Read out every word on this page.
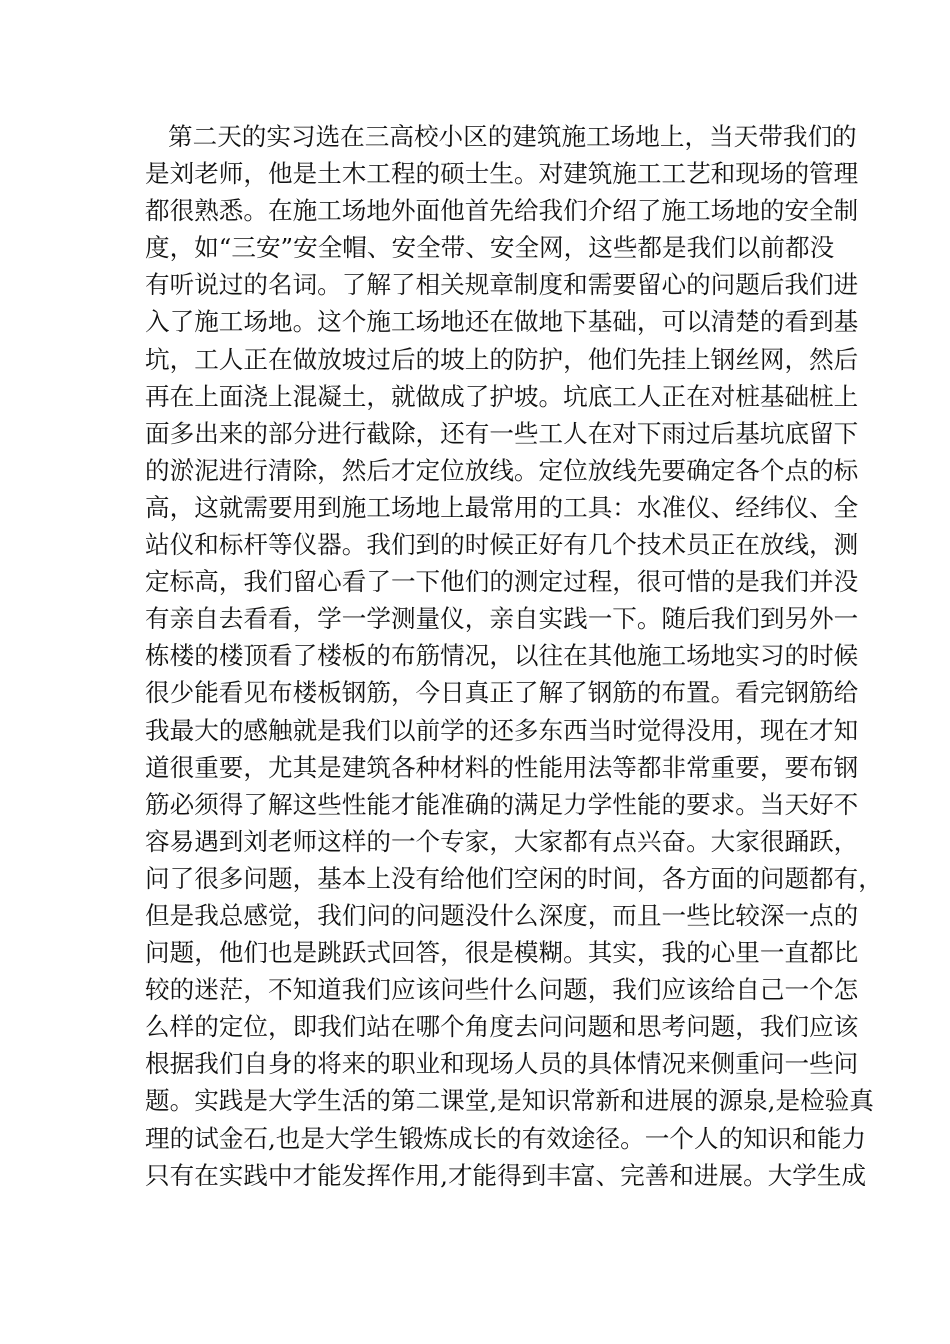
第二天的实习选在三高校小区的建筑施工场地上，当天带我们的
是刘老师，他是土木工程的硕士生。对建筑施工工艺和现场的管理
都很熟悉。在施工场地外面他首先给我们介绍了施工场地的安全制
度，如“三安”安全帽、安全带、安全网，这些都是我们以前都没
有听说过的名词。了解了相关规章制度和需要留心的问题后我们进
入了施工场地。这个施工场地还在做地下基础，可以清楚的看到基
坑，工人正在做放坡过后的坡上的防护，他们先挂上钢丝网，然后
再在上面浇上混凝土，就做成了护坡。坑底工人正在对桩基础桩上
面多出来的部分进行截除，还有一些工人在对下雨过后基坑底留下
的淤泥进行清除，然后才定位放线。定位放线先要确定各个点的标
高，这就需要用到施工场地上最常用的工具：水准仪、经纬仪、全
站仪和标杆等仪器。我们到的时候正好有几个技术员正在放线，测
定标高，我们留心看了一下他们的测定过程，很可惜的是我们并没
有亲自去看看，学一学测量仪，亲自实践一下。随后我们到另外一
栋楼的楼顶看了楼板的布筋情况，以往在其他施工场地实习的时候
很少能看见布楼板钢筋，今日真正了解了钢筋的布置。看完钢筋给
我最大的感触就是我们以前学的还多东西当时觉得没用，现在才知
道很重要，尤其是建筑各种材料的性能用法等都非常重要，要布钢
筋必须得了解这些性能才能准确的满足力学性能的要求。当天好不
容易遇到刘老师这样的一个专家，大家都有点兴奋。大家很踊跃，
问了很多问题，基本上没有给他们空闲的时间，各方面的问题都有，
但是我总感觉，我们问的问题没什么深度，而且一些比较深一点的
问题，他们也是跳跃式回答，很是模糊。其实，我的心里一直都比
较的迷茫，不知道我们应该问些什么问题，我们应该给自己一个怎
么样的定位，即我们站在哪个角度去问问题和思考问题，我们应该
根据我们自身的将来的职业和现场人员的具体情况来侧重问一些问
题。实践是大学生活的第二课堂,是知识常新和进展的源泉,是检验真
理的试金石,也是大学生锻炼成长的有效途径。一个人的知识和能力
只有在实践中才能发挥作用,才能得到丰富、完善和进展。大学生成
